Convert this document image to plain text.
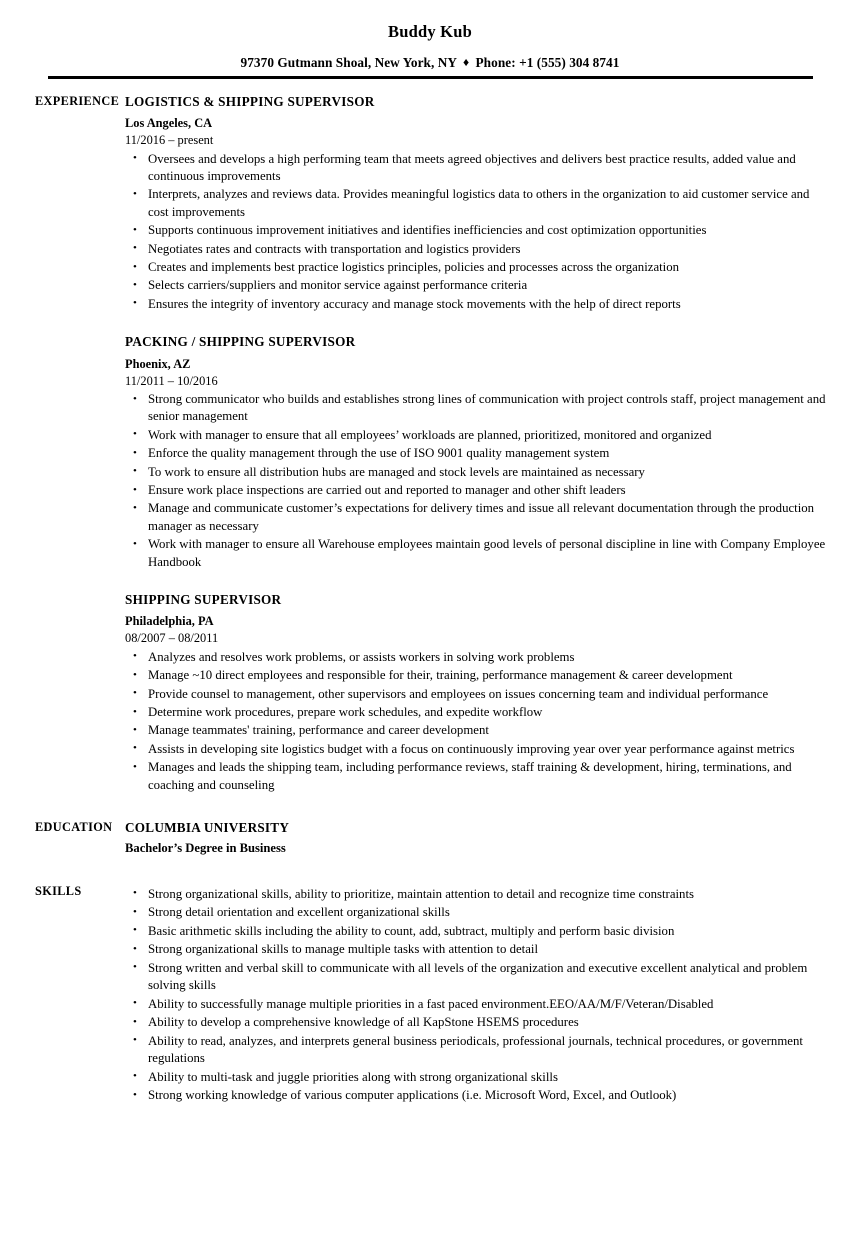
Buddy Kub
97370 Gutmann Shoal, New York, NY ♦ Phone: +1 (555) 304 8741
EXPERIENCE LOGISTICS & SHIPPING SUPERVISOR
Los Angeles, CA
11/2016 – present
• Oversees and develops a high performing team that meets agreed objectives and delivers best practice results, added value and continuous improvements
• Interprets, analyzes and reviews data. Provides meaningful logistics data to others in the organization to aid customer service and cost improvements
• Supports continuous improvement initiatives and identifies inefficiencies and cost optimization opportunities
• Negotiates rates and contracts with transportation and logistics providers
• Creates and implements best practice logistics principles, policies and processes across the organization
• Selects carriers/suppliers and monitor service against performance criteria
• Ensures the integrity of inventory accuracy and manage stock movements with the help of direct reports
PACKING / SHIPPING SUPERVISOR
Phoenix, AZ
11/2011 – 10/2016
• Strong communicator who builds and establishes strong lines of communication with project controls staff, project management and senior management
• Work with manager to ensure that all employees’ workloads are planned, prioritized, monitored and organized
• Enforce the quality management through the use of ISO 9001 quality management system
• To work to ensure all distribution hubs are managed and stock levels are maintained as necessary
• Ensure work place inspections are carried out and reported to manager and other shift leaders
• Manage and communicate customer’s expectations for delivery times and issue all relevant documentation through the production manager as necessary
• Work with manager to ensure all Warehouse employees maintain good levels of personal discipline in line with Company Employee Handbook
SHIPPING SUPERVISOR
Philadelphia, PA
08/2007 – 08/2011
• Analyzes and resolves work problems, or assists workers in solving work problems
• Manage ~10 direct employees and responsible for their, training, performance management & career development
• Provide counsel to management, other supervisors and employees on issues concerning team and individual performance
• Determine work procedures, prepare work schedules, and expedite workflow
• Manage teammates' training, performance and career development
• Assists in developing site logistics budget with a focus on continuously improving year over year performance against metrics
• Manages and leads the shipping team, including performance reviews, staff training & development, hiring, terminations, and coaching and counseling
EDUCATION COLUMBIA UNIVERSITY
Bachelor’s Degree in Business
SKILLS	• Strong organizational skills, ability to prioritize, maintain attention to detail and recognize time constraints
• Strong detail orientation and excellent organizational skills
• Basic arithmetic skills including the ability to count, add, subtract, multiply and perform basic division
• Strong organizational skills to manage multiple tasks with attention to detail
• Strong written and verbal skill to communicate with all levels of the organization and executive excellent analytical and problem solving skills
• Ability to successfully manage multiple priorities in a fast paced environment.EEO/AA/M/F/Veteran/Disabled
• Ability to develop a comprehensive knowledge of all KapStone HSEMS procedures
• Ability to read, analyzes, and interprets general business periodicals, professional journals, technical procedures, or government regulations
• Ability to multi-task and juggle priorities along with strong organizational skills
• Strong working knowledge of various computer applications (i.e. Microsoft Word, Excel, and Outlook)
